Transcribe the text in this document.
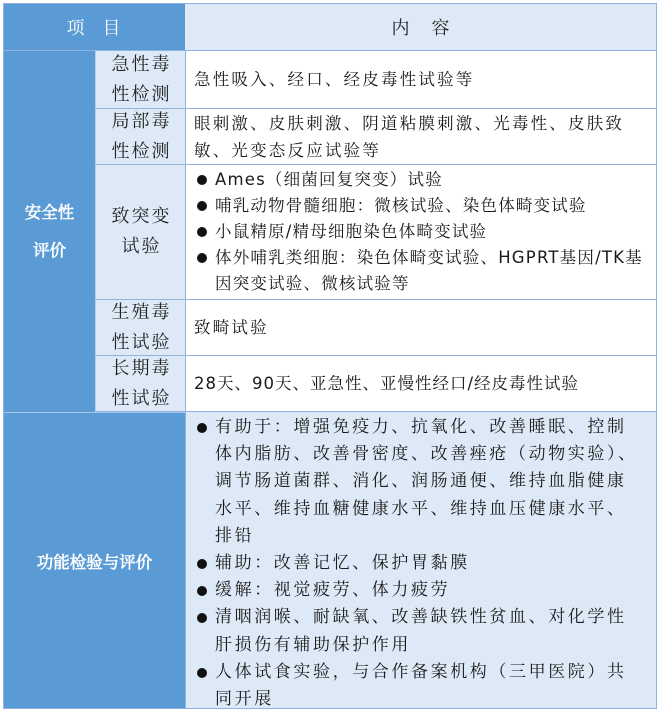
项目	内容
安全性
评价
急性毒性检测
急性吸入、经口、经皮毒性试验等
局部毒性检测
眼刺激、皮肤刺激、阴道粘膜刺激、光毒性、皮肤致敏、光变态反应试验等
致突变试验
Ames（细菌回复突变）试验
哺乳动物骨髓细胞：微核试验、染色体畸变试验
小鼠精原/精母细胞染色体畸变试验
体外哺乳类细胞：染色体畸变试验、HGPRT基因/TK基因突变试验、微核试验等
生殖毒性试验
致畸试验
长期毒性试验
28天、90天、亚急性、亚慢性经口/经皮毒性试验
功能检验与评价
有助于：增强免疫力、抗氧化、改善睡眠、控制体内脂肪、改善骨密度、改善痤疮（动物实验）、调节肠道菌群、消化、润肠通便、维持血脂健康水平、维持血糖健康水平、维持血压健康水平、排铅
辅助：改善记忆、保护胃黏膜
缓解：视觉疲劳、体力疲劳
清咽润喉、耐缺氧、改善缺铁性贫血、对化学性肝损伤有辅助保护作用
人体试食实验，与合作备案机构（三甲医院）共同开展
